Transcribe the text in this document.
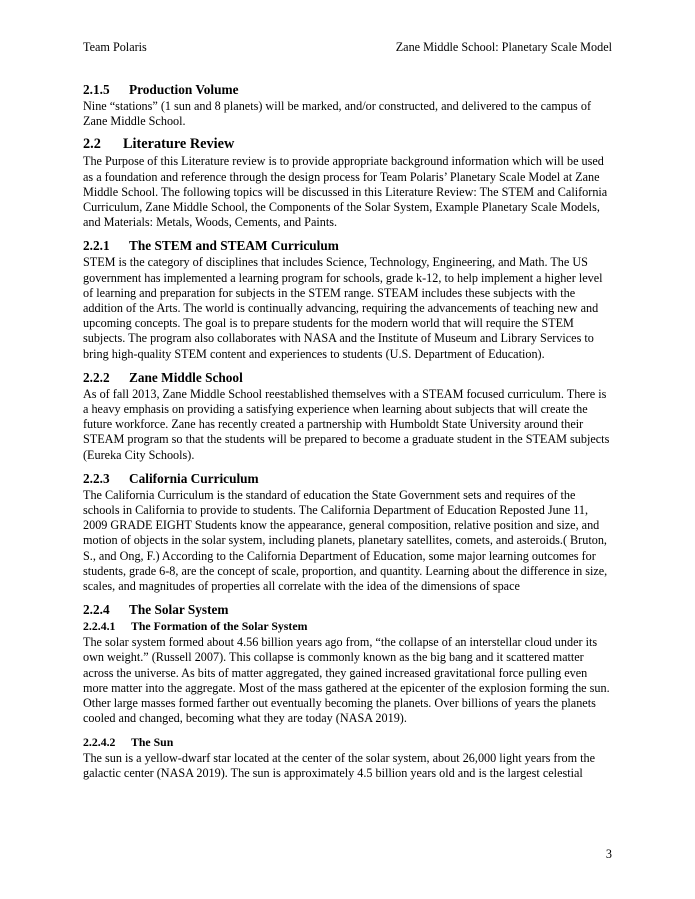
Team Polaris	Zane Middle School: Planetary Scale Model
2.1.5 Production Volume

Nine “stations” (1 sun and 8 planets) will be marked, and/or constructed, and delivered to the campus of Zane Middle School.

2.2 Literature Review

The Purpose of this Literature review is to provide appropriate background information which will be used as a foundation and reference through the design process for Team Polaris’ Planetary Scale Model at Zane Middle School. The following topics will be discussed in this Literature Review: The STEM and California Curriculum, Zane Middle School, the Components of the Solar System, Example Planetary Scale Models, and Materials: Metals, Woods, Cements, and Paints.

2.2.1 The STEM and STEAM Curriculum

STEM is the category of disciplines that includes Science, Technology, Engineering, and Math. The US government has implemented a learning program for schools, grade k-12, to help implement a higher level of learning and preparation for subjects in the STEM range. STEAM includes these subjects with the addition of the Arts. The world is continually advancing, requiring the advancements of teaching new and upcoming concepts. The goal is to prepare students for the modern world that will require the STEM subjects. The program also collaborates with NASA and the Institute of Museum and Library Services to bring high-quality STEM content and experiences to students (U.S. Department of Education).

2.2.2 Zane Middle School

As of fall 2013, Zane Middle School reestablished themselves with a STEAM focused curriculum. There is a heavy emphasis on providing a satisfying experience when learning about subjects that will create the future workforce. Zane has recently created a partnership with Humboldt State University around their STEAM program so that the students will be prepared to become a graduate student in the STEAM subjects (Eureka City Schools).

2.2.3 California Curriculum

The California Curriculum is the standard of education the State Government sets and requires of the schools in California to provide to students. The California Department of Education Reposted June 11, 2009 GRADE EIGHT Students know the appearance, general composition, relative position and size, and motion of objects in the solar system, including planets, planetary satellites, comets, and asteroids.( Bruton, S., and Ong, F.) According to the California Department of Education, some major learning outcomes for students, grade 6-8, are the concept of scale, proportion, and quantity. Learning about the difference in size, scales, and magnitudes of properties all correlate with the idea of the dimensions of space

2.2.4 The Solar System
2.2.4.1 The Formation of the Solar System

The solar system formed about 4.56 billion years ago from, “the collapse of an interstellar cloud under its own weight.” (Russell 2007). This collapse is commonly known as the big bang and it scattered matter across the universe. As bits of matter aggregated, they gained increased gravitational force pulling even more matter into the aggregate. Most of the mass gathered at the epicenter of the explosion forming the sun. Other large masses formed farther out eventually becoming the planets. Over billions of years the planets cooled and changed, becoming what they are today (NASA 2019).

2.2.4.2 The Sun

The sun is a yellow-dwarf star located at the center of the solar system, about 26,000 light years from the galactic center (NASA 2019). The sun is approximately 4.5 billion years old and is the largest celestial

3
